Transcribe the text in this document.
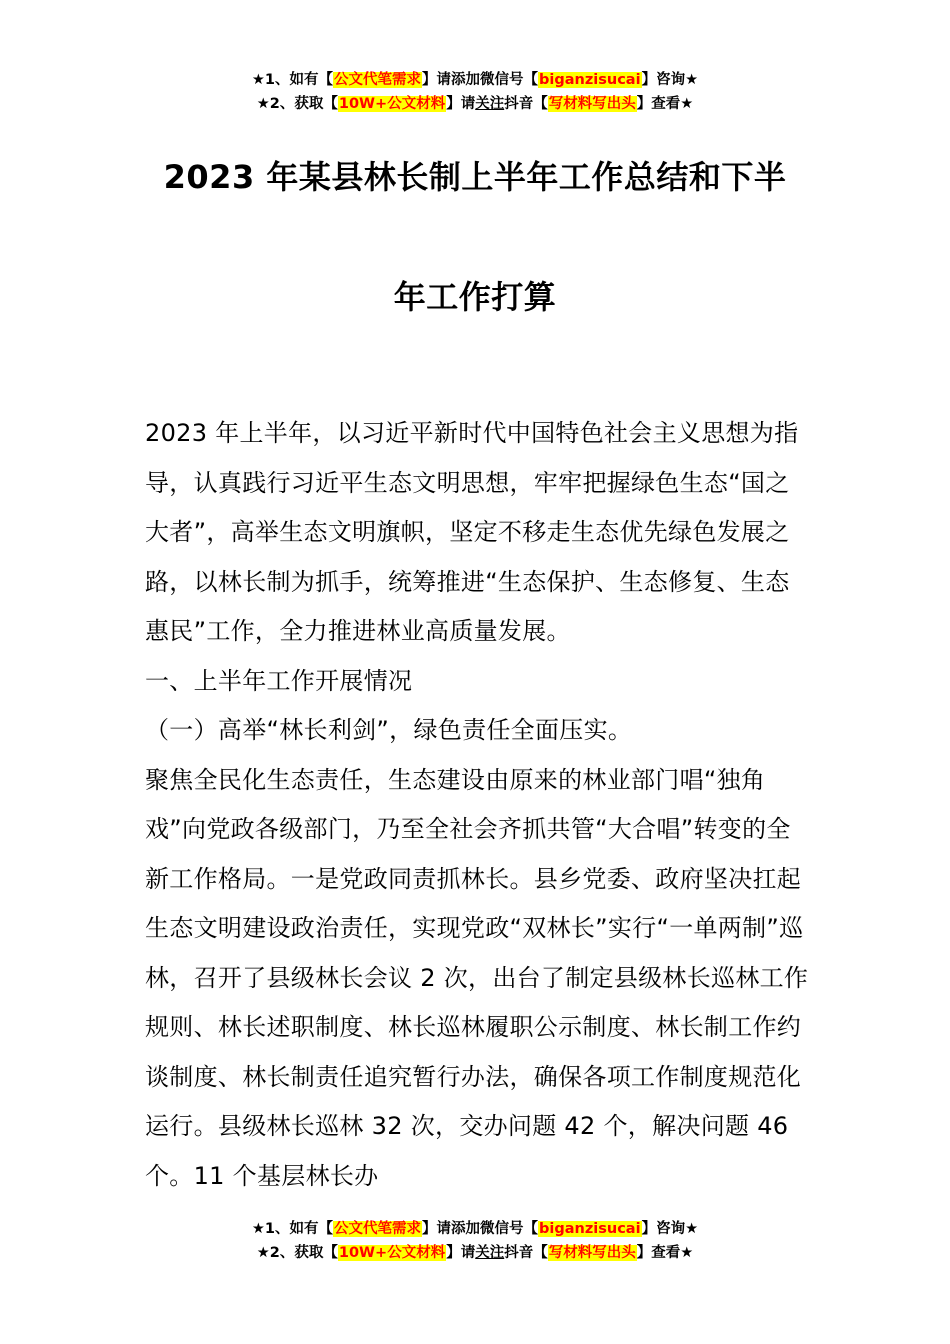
★1、如有【公文代笔需求】请添加微信号【biganzisucai】咨询★
★2、获取【10W+公文材料】请关注抖音【写材料写出头】查看★
2023 年某县林长制上半年工作总结和下半
年工作打算

2023 年上半年，以习近平新时代中国特色社会主义思想为指导，认真践行习近平生态文明思想，牢牢把握绿色生态“国之大者”，高举生态文明旗帜，坚定不移走生态优先绿色发展之路，以林长制为抓手，统筹推进“生态保护、生态修复、生态惠民”工作，全力推进林业高质量发展。

一、上半年工作开展情况

（一）高举“林长利剑”，绿色责任全面压实。

聚焦全民化生态责任，生态建设由原来的林业部门唱“独角戏”向党政各级部门，乃至全社会齐抓共管“大合唱”转变的全新工作格局。一是党政同责抓林长。县乡党委、政府坚决扛起生态文明建设政治责任，实现党政“双林长”实行“一单两制”巡林，召开了县级林长会议 2 次，出台了制定县级林长巡林工作规则、林长述职制度、林长巡林履职公示制度、林长制工作约谈制度、林长制责任追究暂行办法，确保各项工作制度规范化运行。县级林长巡林 32 次，交办问题 42 个，解决问题 46 个。11 个基层林长办

★1、如有【公文代笔需求】请添加微信号【biganzisucai】咨询★
★2、获取【10W+公文材料】请关注抖音【写材料写出头】查看★
